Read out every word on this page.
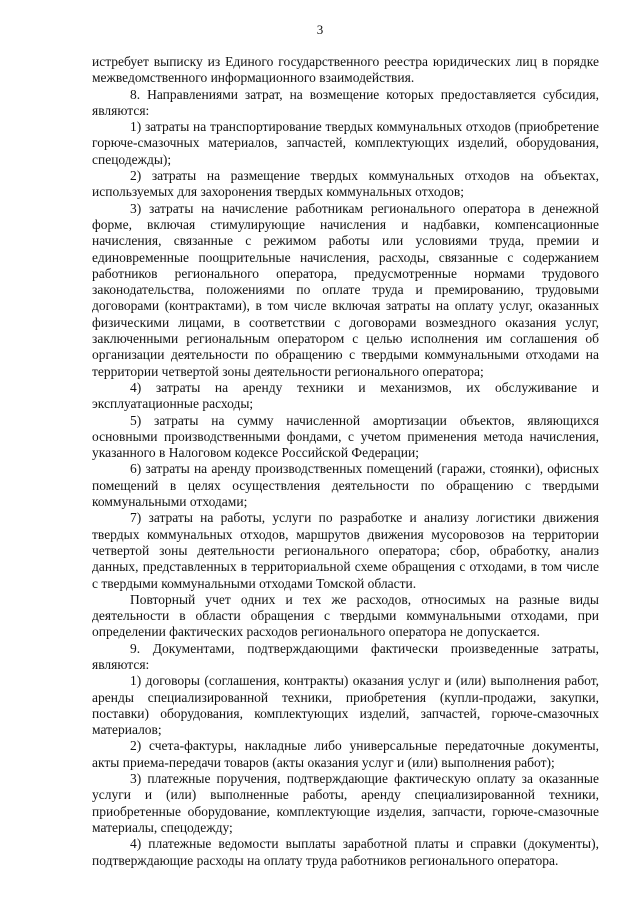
3

истребует выписку из Единого государственного реестра юридических лиц в порядке межведомственного информационного взаимодействия.

8. Направлениями затрат, на возмещение которых предоставляется субсидия, являются:

1) затраты на транспортирование твердых коммунальных отходов (приобретение горюче-смазочных материалов, запчастей, комплектующих изделий, оборудования, спецодежды);

2) затраты на размещение твердых коммунальных отходов на объектах, используемых для захоронения твердых коммунальных отходов;

3) затраты на начисление работникам регионального оператора в денежной форме, включая стимулирующие начисления и надбавки, компенсационные начисления, связанные с режимом работы или условиями труда, премии и единовременные поощрительные начисления, расходы, связанные с содержанием работников регионального оператора, предусмотренные нормами трудового законодательства, положениями по оплате труда и премированию, трудовыми договорами (контрактами), в том числе включая затраты на оплату услуг, оказанных физическими лицами, в соответствии с договорами возмездного оказания услуг, заключенными региональным оператором с целью исполнения им соглашения об организации деятельности по обращению с твердыми коммунальными отходами на территории четвертой зоны деятельности регионального оператора;

4) затраты на аренду техники и механизмов, их обслуживание и эксплуатационные расходы;

5) затраты на сумму начисленной амортизации объектов, являющихся основными производственными фондами, с учетом применения метода начисления, указанного в Налоговом кодексе Российской Федерации;

6) затраты на аренду производственных помещений (гаражи, стоянки), офисных помещений в целях осуществления деятельности по обращению с твердыми коммунальными отходами;

7) затраты на работы, услуги по разработке и анализу логистики движения твердых коммунальных отходов, маршрутов движения мусоровозов на территории четвертой зоны деятельности регионального оператора; сбор, обработку, анализ данных, представленных в территориальной схеме обращения с отходами, в том числе с твердыми коммунальными отходами Томской области.

Повторный учет одних и тех же расходов, относимых на разные виды деятельности в области обращения с твердыми коммунальными отходами, при определении фактических расходов регионального оператора не допускается.

9. Документами, подтверждающими фактически произведенные затраты, являются:

1) договоры (соглашения, контракты) оказания услуг и (или) выполнения работ, аренды специализированной техники, приобретения (купли-продажи, закупки, поставки) оборудования, комплектующих изделий, запчастей, горюче-смазочных материалов;

2) счета-фактуры, накладные либо универсальные передаточные документы, акты приема-передачи товаров (акты оказания услуг и (или) выполнения работ);

3) платежные поручения, подтверждающие фактическую оплату за оказанные услуги и (или) выполненные работы, аренду специализированной техники, приобретенные оборудование, комплектующие изделия, запчасти, горюче-смазочные материалы, спецодежду;

4) платежные ведомости выплаты заработной платы и справки (документы), подтверждающие расходы на оплату труда работников регионального оператора.
